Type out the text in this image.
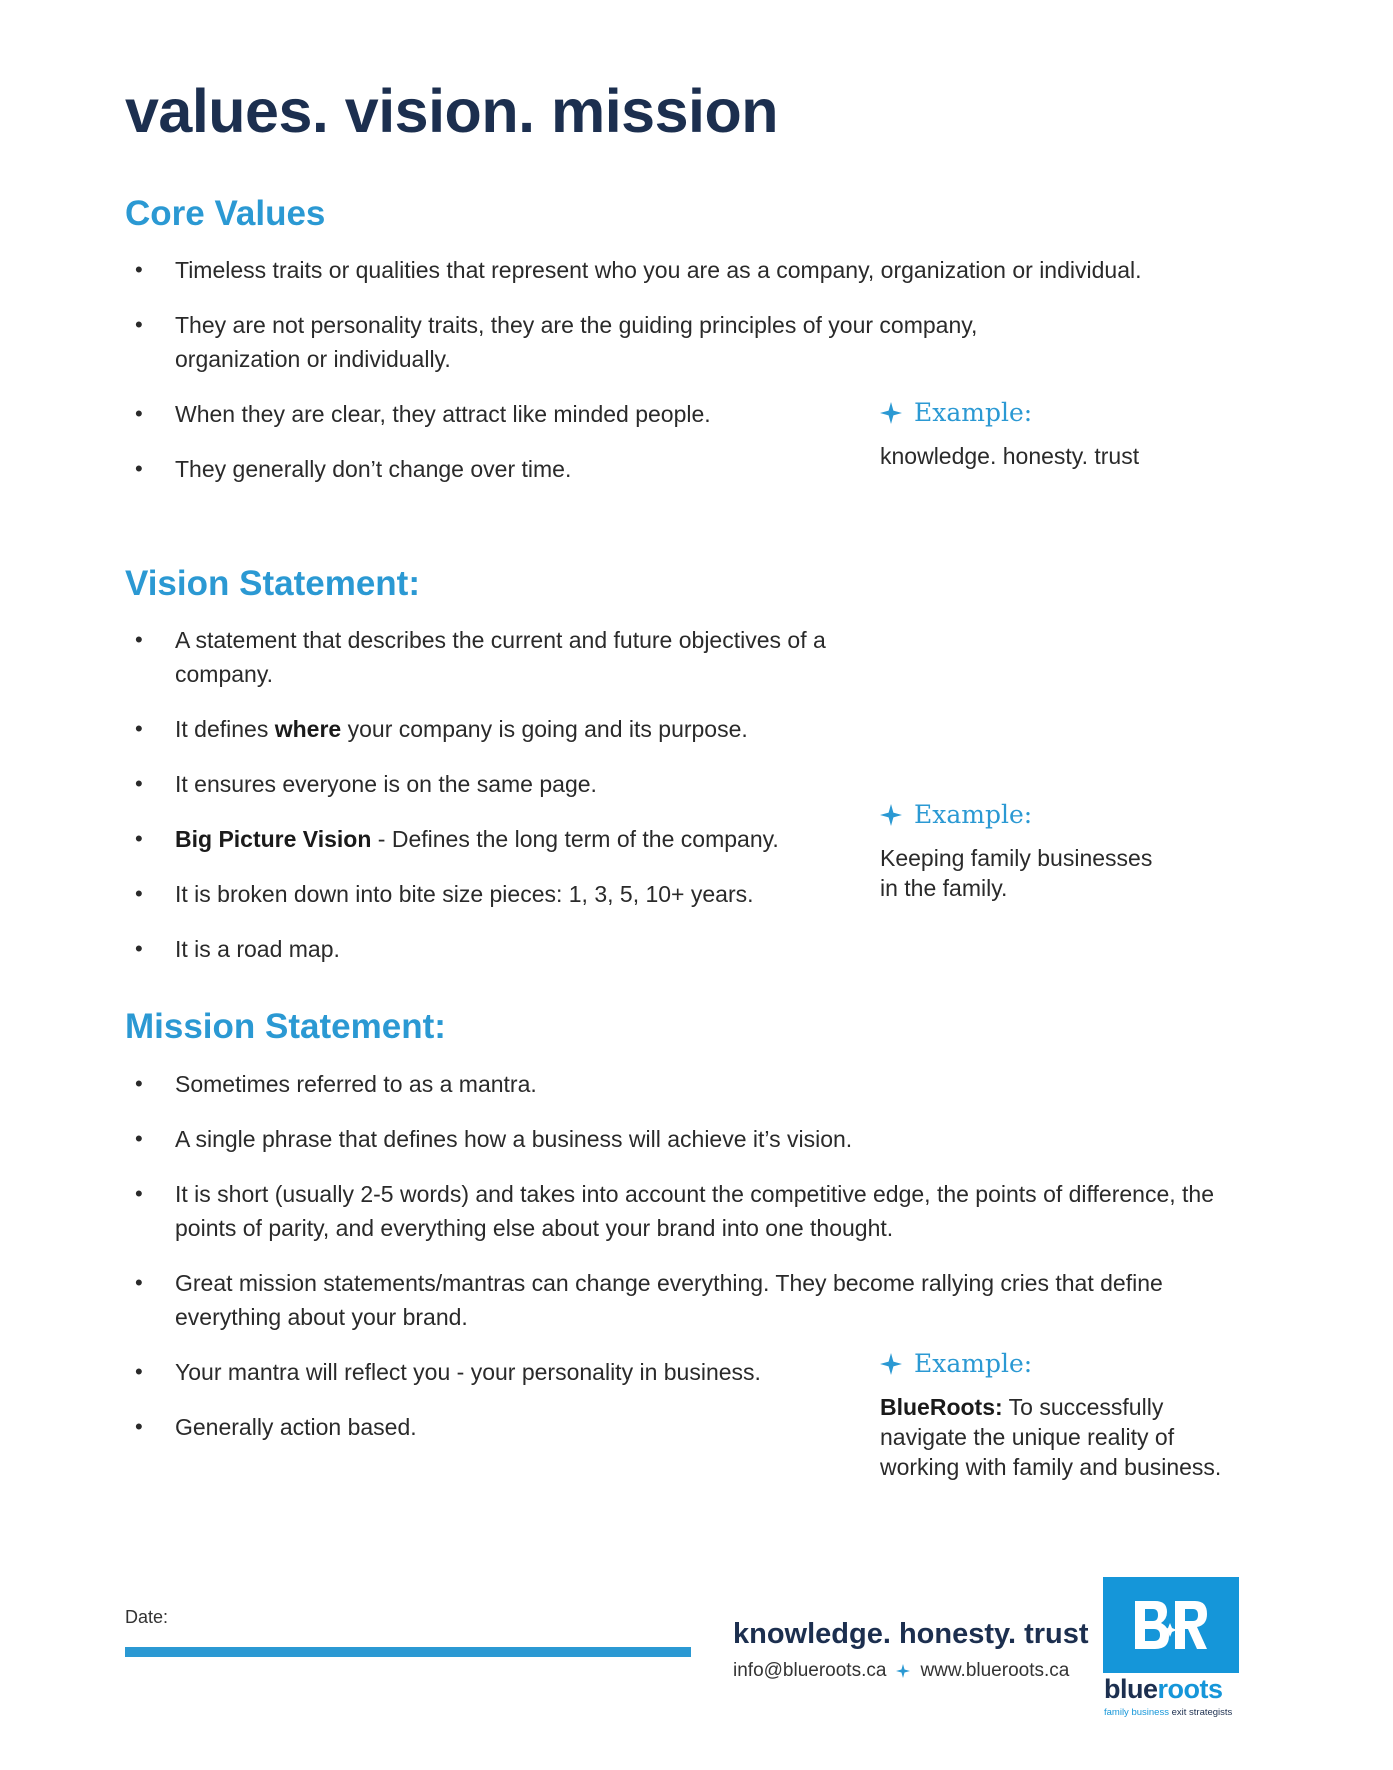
values. vision. mission
Core Values
• Timeless traits or qualities that represent who you are as a company, organization or individual.
• They are not personality traits, they are the guiding principles of your company, organization or individually.
• When they are clear, they attract like minded people.
• They generally don’t change over time.
Example:
knowledge. honesty. trust
Vision Statement:
• A statement that describes the current and future objectives of a company.
• It defines where your company is going and its purpose.
• It ensures everyone is on the same page.
• Big Picture Vision - Defines the long term of the company.
• It is broken down into bite size pieces: 1, 3, 5, 10+ years.
• It is a road map.
Example:
Keeping family businesses
in the family.
Mission Statement:
• Sometimes referred to as a mantra.
• A single phrase that defines how a business will achieve it’s vision.
• It is short (usually 2-5 words) and takes into account the competitive edge, the points of difference, the points of parity, and everything else about your brand into one thought.
• Great mission statements/mantras can change everything. They become rallying cries that define everything about your brand.
• Your mantra will reflect you - your personality in business.
• Generally action based.
Example:
BlueRoots: To successfully
navigate the unique reality of
working with family and business.
Date:
knowledge. honesty. trust
info@blueroots.ca www.blueroots.ca
blueroots
family business exit strategists
